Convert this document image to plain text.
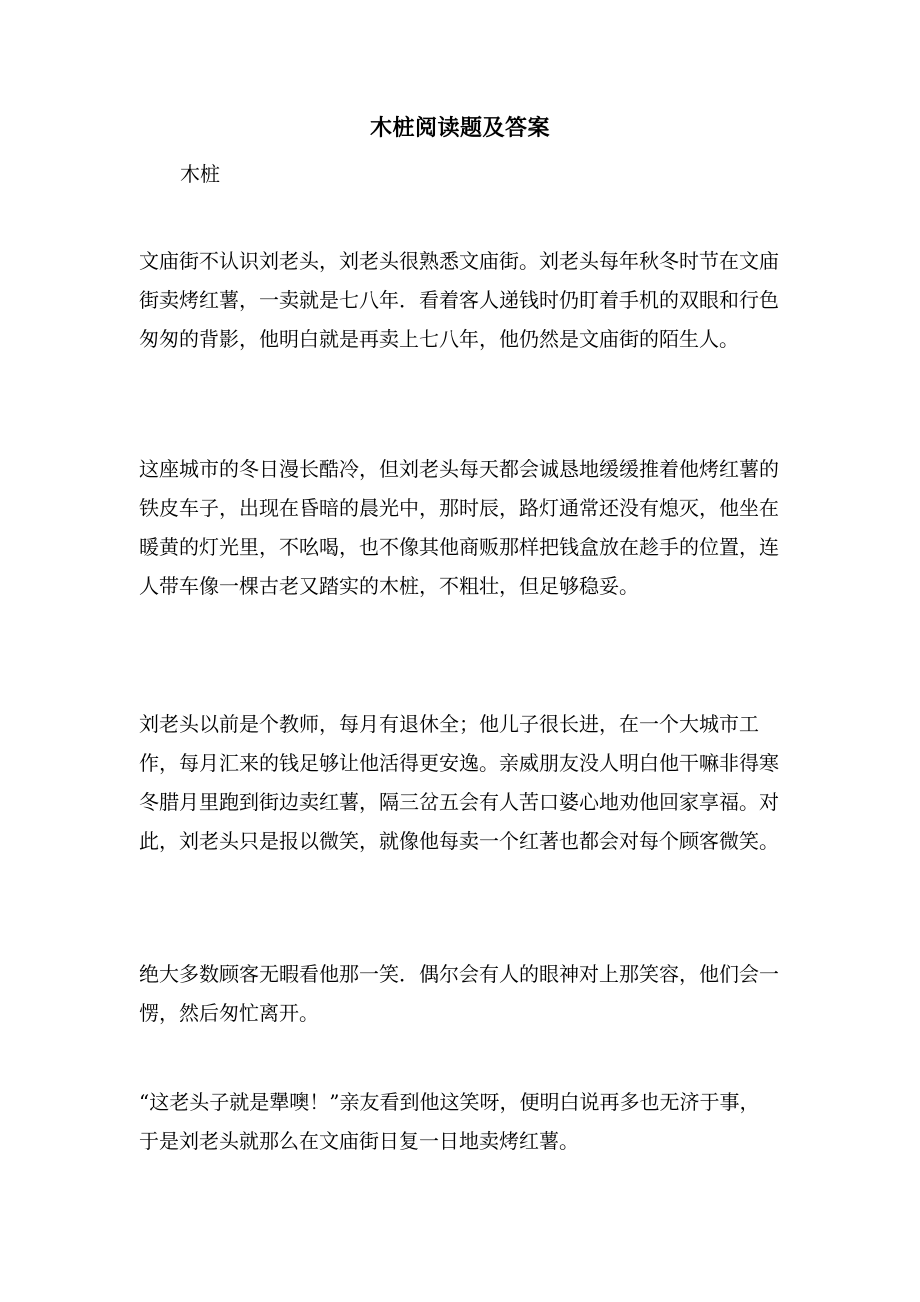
木桩阅读题及答案
木桩
文庙街不认识刘老头，刘老头很熟悉文庙街。刘老头每年秋冬时节在文庙街卖烤红薯，一卖就是七八年．看着客人递钱时仍盯着手机的双眼和行色匆匆的背影，他明白就是再卖上七八年，他仍然是文庙街的陌生人。
这座城市的冬日漫长酷冷，但刘老头每天都会诚恳地缓缓推着他烤红薯的铁皮车子，出现在昏暗的晨光中，那时辰，路灯通常还没有熄灭，他坐在暖黄的灯光里，不吆喝，也不像其他商贩那样把钱盒放在趁手的位置，连人带车像一棵古老又踏实的木桩，不粗壮，但足够稳妥。
刘老头以前是个教师，每月有退休全；他儿子很长进，在一个大城市工作，每月汇来的钱足够让他活得更安逸。亲威朋友没人明白他干嘛非得寒冬腊月里跑到街边卖红薯，隔三岔五会有人苦口婆心地劝他回家享福。对此，刘老头只是报以微笑，就像他每卖一个红著也都会对每个顾客微笑。
绝大多数顾客无暇看他那一笑．偶尔会有人的眼神对上那笑容，他们会一愣，然后匆忙离开。
“这老头子就是犟噢！”亲友看到他这笑呀，便明白说再多也无济于事，于是刘老头就那么在文庙街日复一日地卖烤红薯。
